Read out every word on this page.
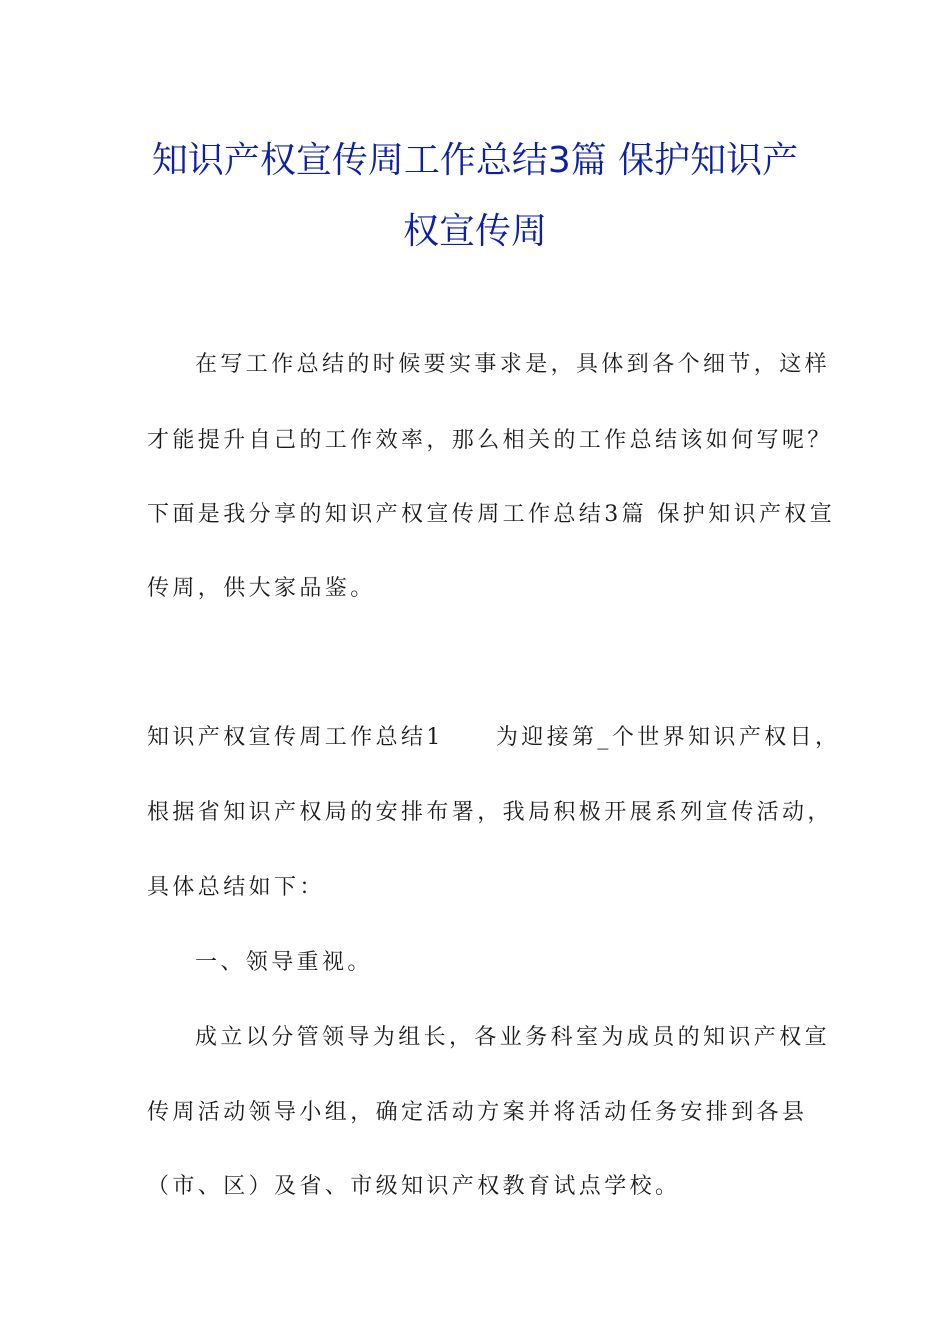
知识产权宣传周工作总结3篇 保护知识产
权宣传周
在写工作总结的时候要实事求是，具体到各个细节，这样
才能提升自己的工作效率，那么相关的工作总结该如何写呢？
下面是我分享的知识产权宣传周工作总结3篇 保护知识产权宣
传周，供大家品鉴。
知识产权宣传周工作总结1 为迎接第_个世界知识产权日，
根据省知识产权局的安排布署，我局积极开展系列宣传活动，
具体总结如下：
一、领导重视。
成立以分管领导为组长，各业务科室为成员的知识产权宣
传周活动领导小组，确定活动方案并将活动任务安排到各县
（市、区）及省、市级知识产权教育试点学校。
